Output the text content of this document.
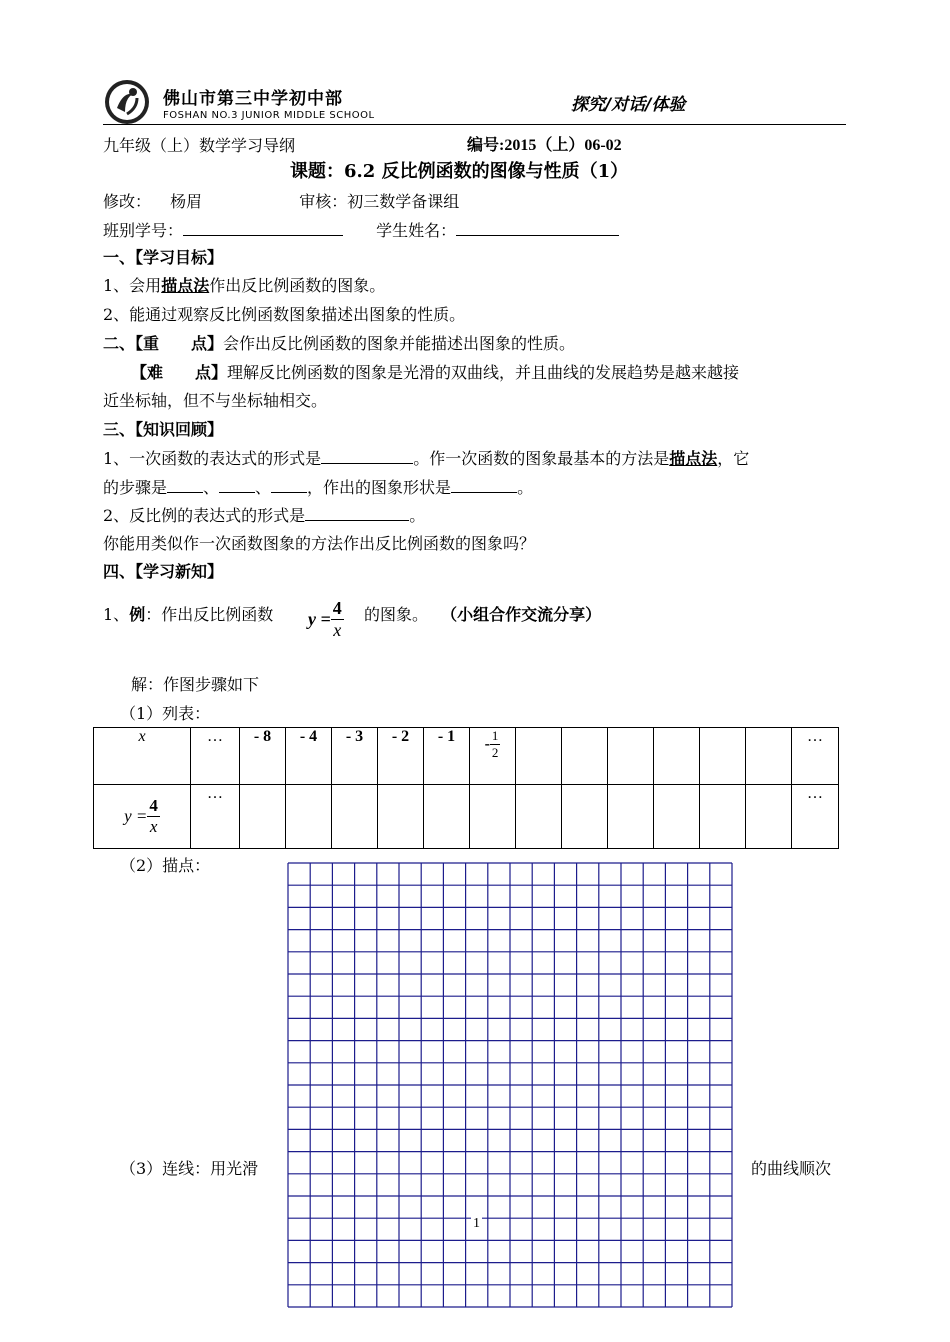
佛山市第三中学初中部
FOSHAN NO.3 JUNIOR MIDDLE SCHOOL
探究/对话/体验
九年级（上）数学学习导纲	编号:2015（上）06-02
课题：6.2 反比例函数的图像与性质（1）
修改： 杨眉	审核：初三数学备课组
班别学号：	学生姓名：
一、【学习目标】
1、会用描点法作出反比例函数的图象。
2、能通过观察反比例函数图象描述出图象的性质。
二、【重　　点】会作出反比例函数的图象并能描述出图象的性质。
【难　　点】理解反比例函数的图象是光滑的双曲线，并且曲线的发展趋势是越来越接
近坐标轴，但不与坐标轴相交。
三、【知识回顾】
1、一次函数的表达式的形式是	。作一次函数的图象最基本的方法是描点法，它
的步骤是 、 、 ，作出的图象形状是	。
2、反比例的表达式的形式是	。
你能用类似作一次函数图象的方法作出反比例函数的图象吗？
四、【学习新知】
1、例：作出反比例函数 $y = \frac{4}{x}$ 的图象。 （小组合作交流分享）
解：作图步骤如下
（1）列表：
x	…	- 8	- 4	- 3	- 2	- 1	- $\frac{1}{2}$							…
$y = \frac{4}{x}$	…													…
（2）描点：
（3）连线：用光滑	的曲线顺次
1
